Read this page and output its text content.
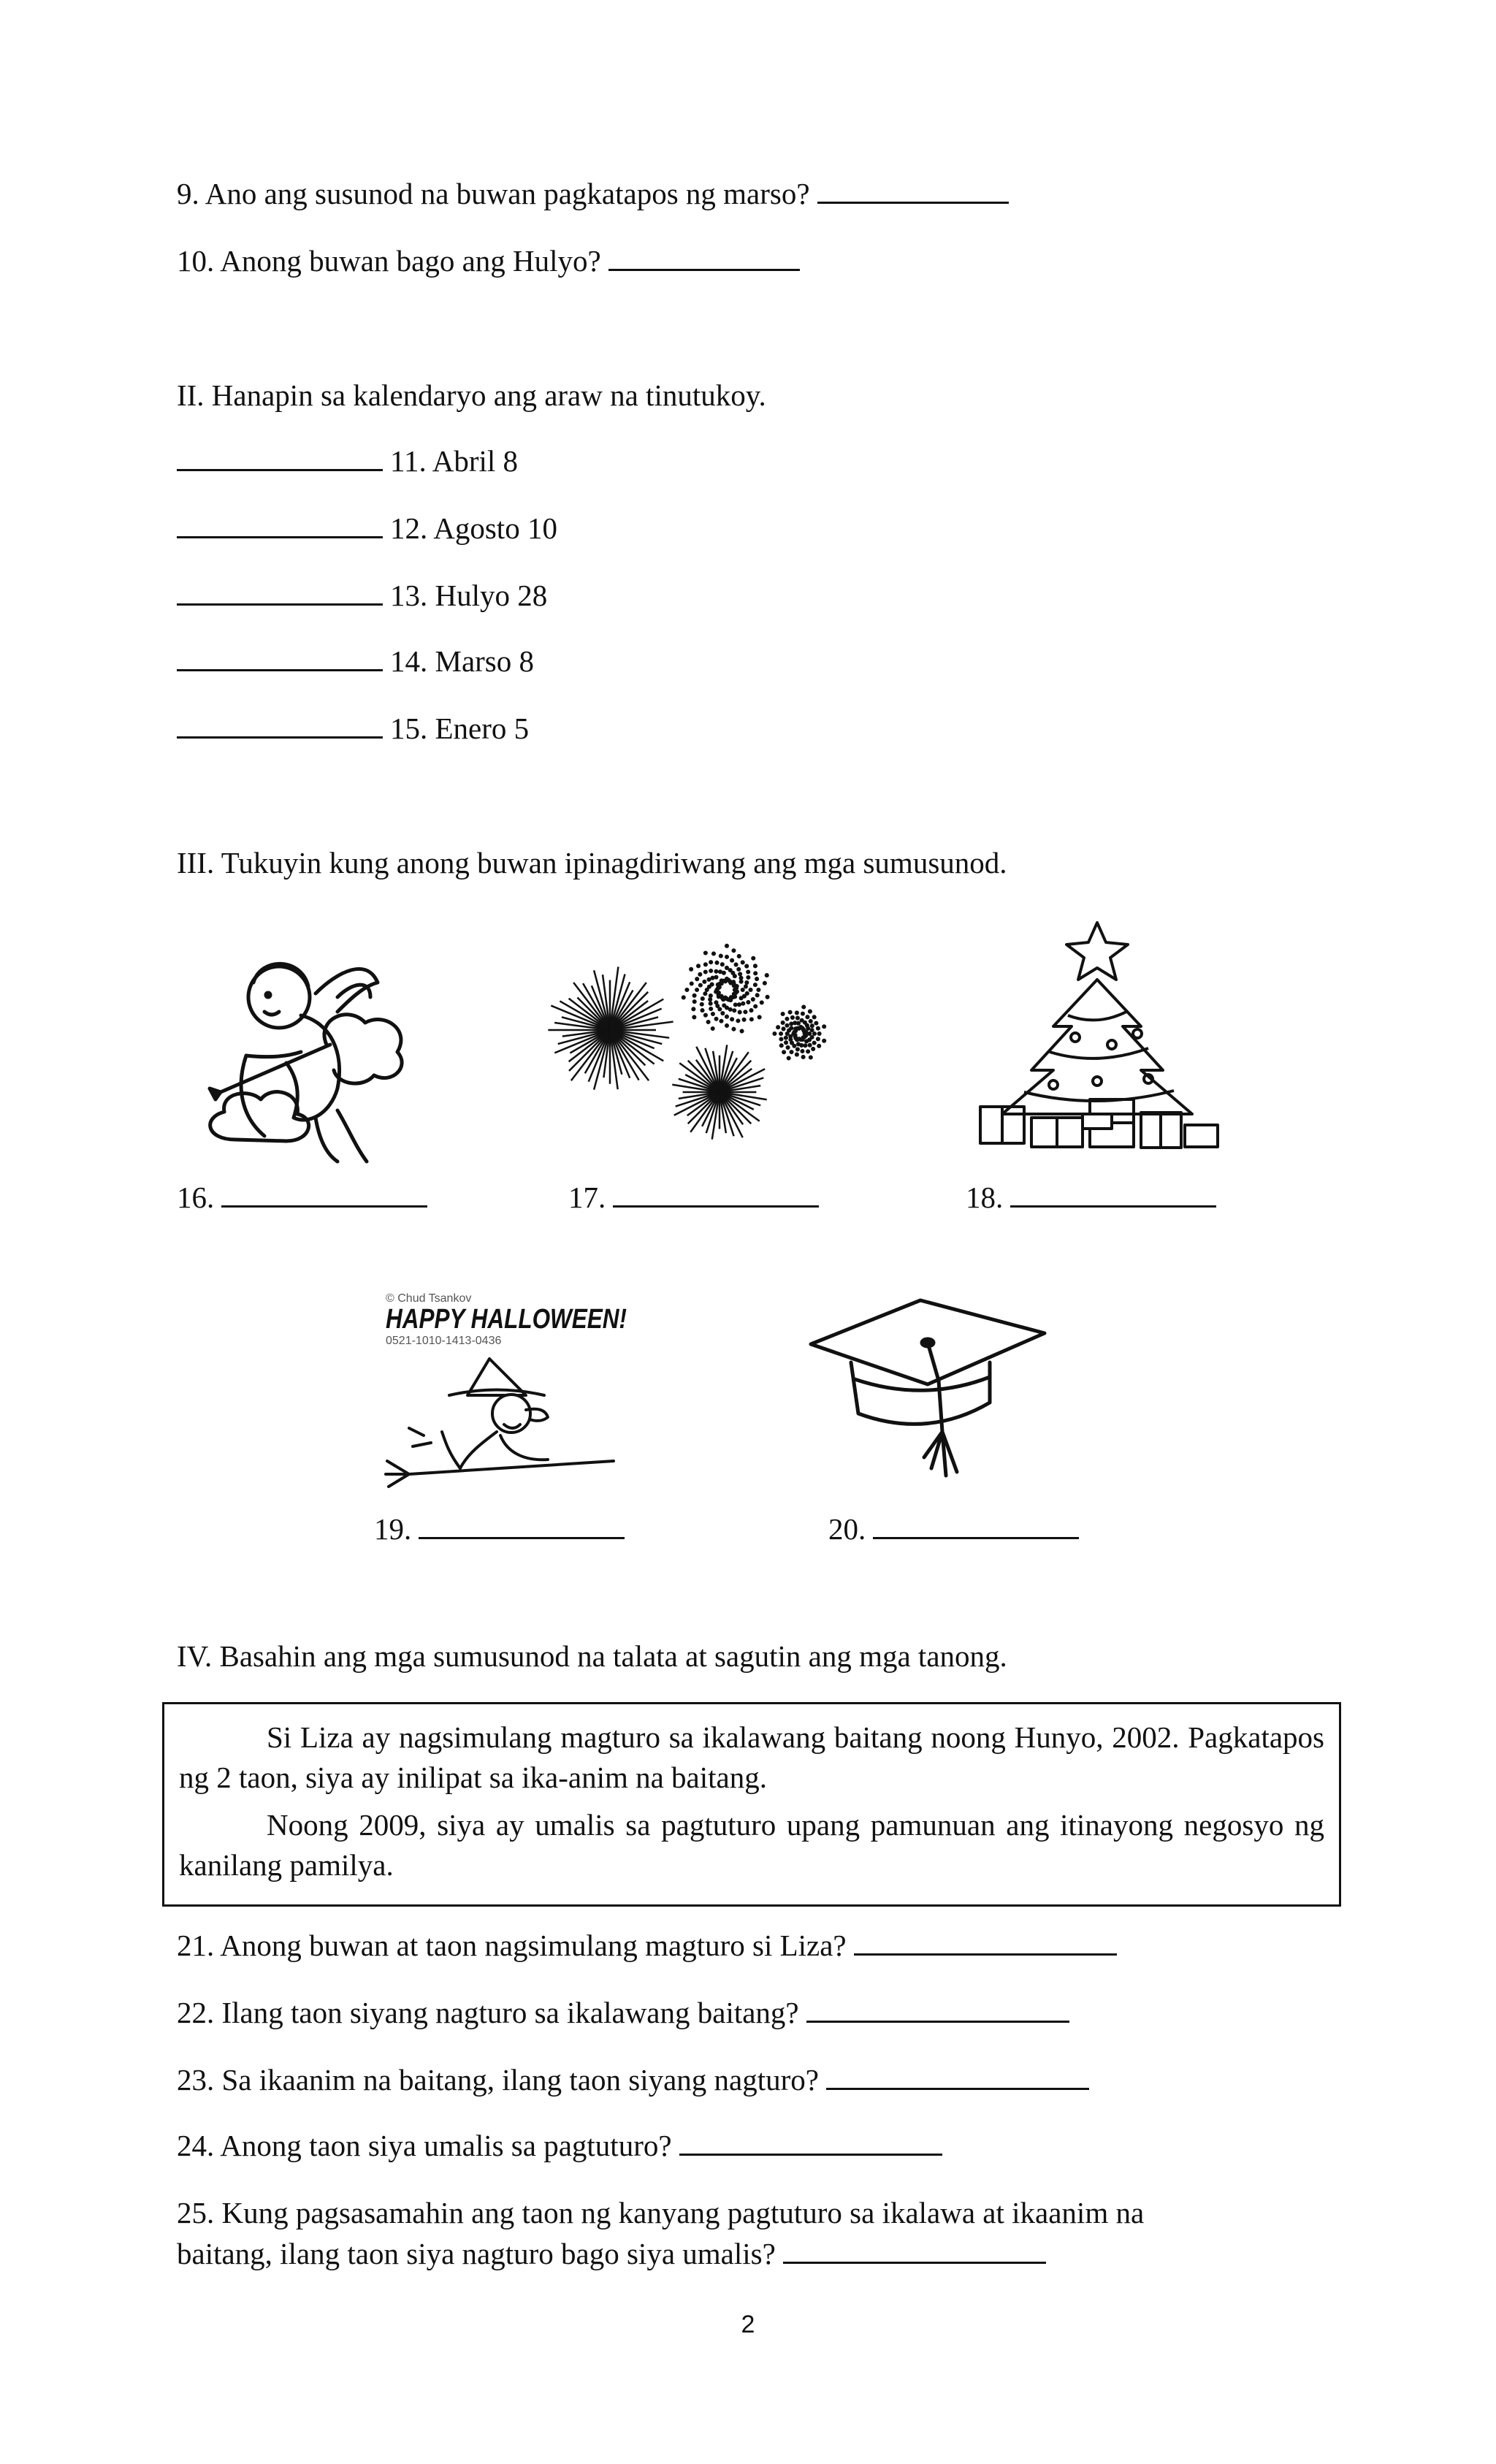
9. Ano ang susunod na buwan pagkatapos ng marso?
10. Anong buwan bago ang Hulyo?
II. Hanapin sa kalendaryo ang araw na tinutukoy.
11. Abril 8
12. Agosto 10
13. Hulyo 28
14. Marso 8
15. Enero 5
III. Tukuyin kung anong buwan ipinagdiriwang ang mga sumusunod.
16.	17.	18.
© Chud Tsankov
HAPPY HALLOWEEN!
0521-1010-1413-0436
19.	20.
IV. Basahin ang mga sumusunod na talata at sagutin ang mga tanong.

Si Liza ay nagsimulang magturo sa ikalawang baitang noong Hunyo, 2002. Pagkatapos ng 2 taon, siya ay inilipat sa ika-anim na baitang.

Noong 2009, siya ay umalis sa pagtuturo upang pamunuan ang itinayong negosyo ng kanilang pamilya.

21. Anong buwan at taon nagsimulang magturo si Liza?
22. Ilang taon siyang nagturo sa ikalawang baitang?
23. Sa ikaanim na baitang, ilang taon siyang nagturo?
24. Anong taon siya umalis sa pagtuturo?
25. Kung pagsasamahin ang taon ng kanyang pagtuturo sa ikalawa at ikaanim na
baitang, ilang taon siya nagturo bago siya umalis?
2
